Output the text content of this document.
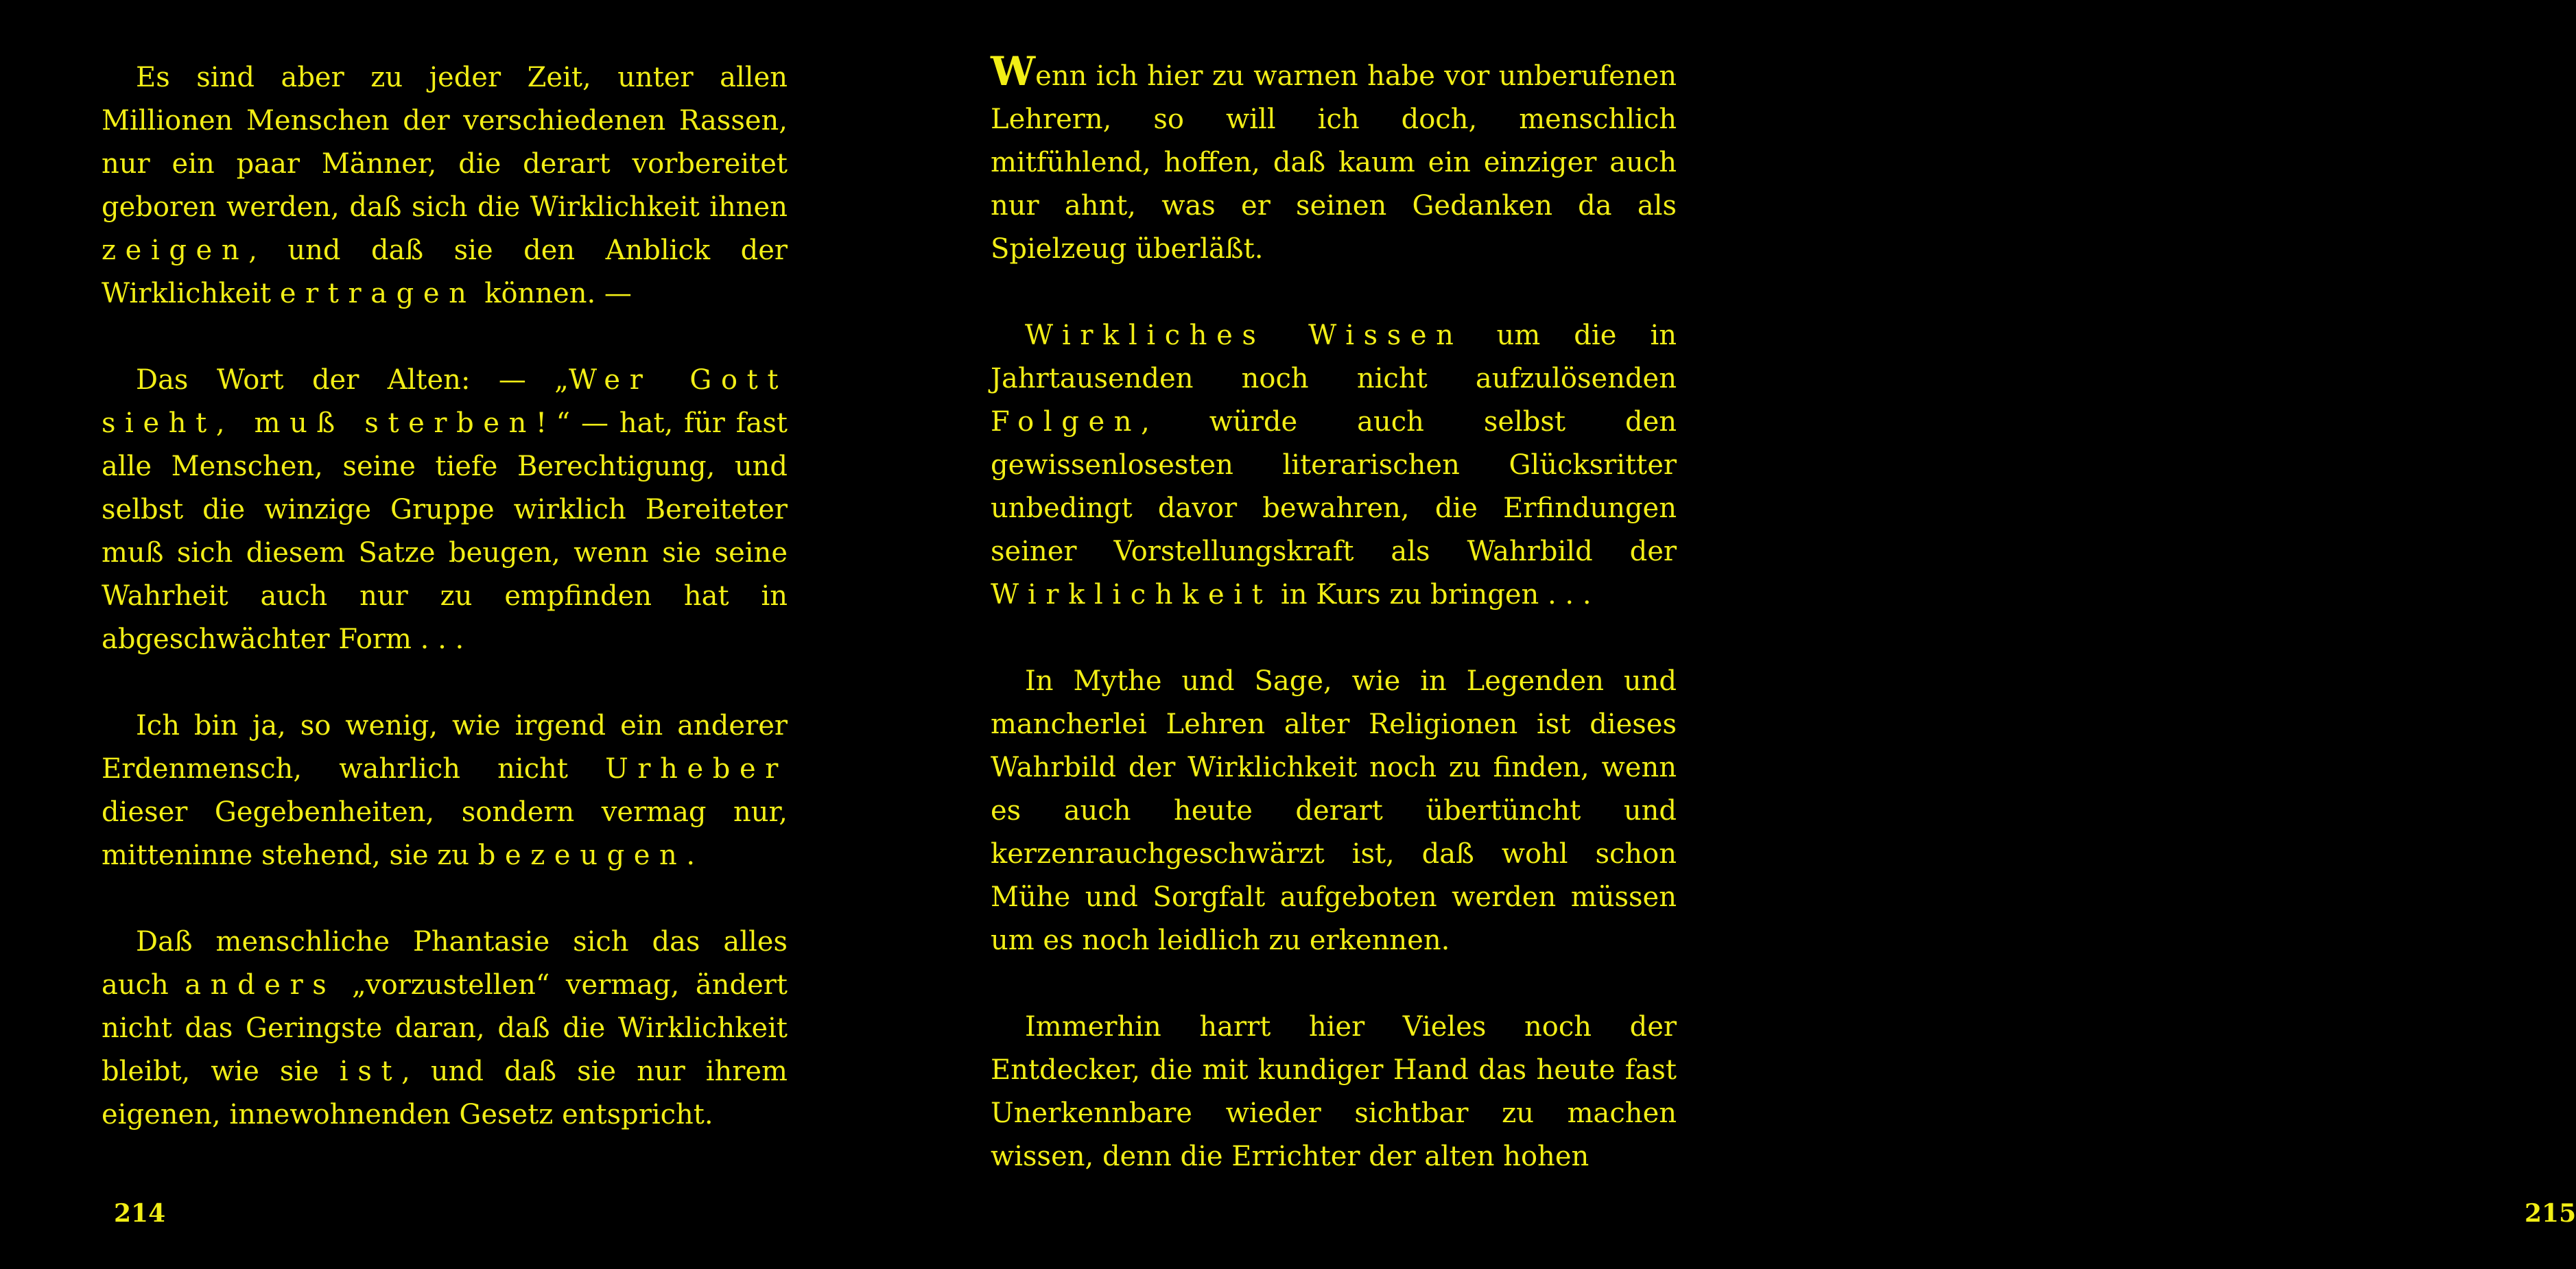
Es sind aber zu jeder Zeit, unter allen Millionen Menschen der verschiedenen Rassen, nur ein paar Männer, die derart vorbereitet geboren werden, daß sich die Wirklichkeit ihnen zeigen, und daß sie den Anblick der Wirklichkeit ertragen können. —

Das Wort der Alten: — „Wer Gott sieht, muß sterben!“ — hat, für fast alle Menschen, seine tiefe Berechtigung, und selbst die winzige Gruppe wirklich Bereiteter muß sich diesem Satze beugen, wenn sie seine Wahrheit auch nur zu empfinden hat in abgeschwächter Form . . .

Ich bin ja, so wenig, wie irgend ein anderer Erdenmensch, wahrlich nicht Urheber dieser Gegebenheiten, sondern vermag nur, mitteninne stehend, sie zu bezeugen.

Daß menschliche Phantasie sich das alles auch anders „vorzustellen“ vermag, ändert nicht das Geringste daran, daß die Wirklichkeit bleibt, wie sie ist, und daß sie nur ihrem eigenen, innewohnenden Gesetz entspricht.

214

Wenn ich hier zu warnen habe vor unberufenen Lehrern, so will ich doch, menschlich mitfühlend, hoffen, daß kaum ein einziger auch nur ahnt, was er seinen Gedanken da als Spielzeug überläßt.

Wirkliches Wissen um die in Jahrtausenden noch nicht aufzulösenden Folgen, würde auch selbst den gewissenlosesten literarischen Glücksritter unbedingt davor bewahren, die Erfindungen seiner Vorstellungskraft als Wahrbild der Wirklichkeit in Kurs zu bringen . . .

In Mythe und Sage, wie in Legenden und mancherlei Lehren alter Religionen ist dieses Wahrbild der Wirklichkeit noch zu finden, wenn es auch heute derart übertüncht und kerzenrauchgeschwärzt ist, daß wohl schon Mühe und Sorgfalt aufgeboten werden müssen um es noch leidlich zu erkennen.

Immerhin harrt hier Vieles noch der Entdecker, die mit kundiger Hand das heute fast Unerkennbare wieder sichtbar zu machen wissen, denn die Errichter der alten hohen

215
